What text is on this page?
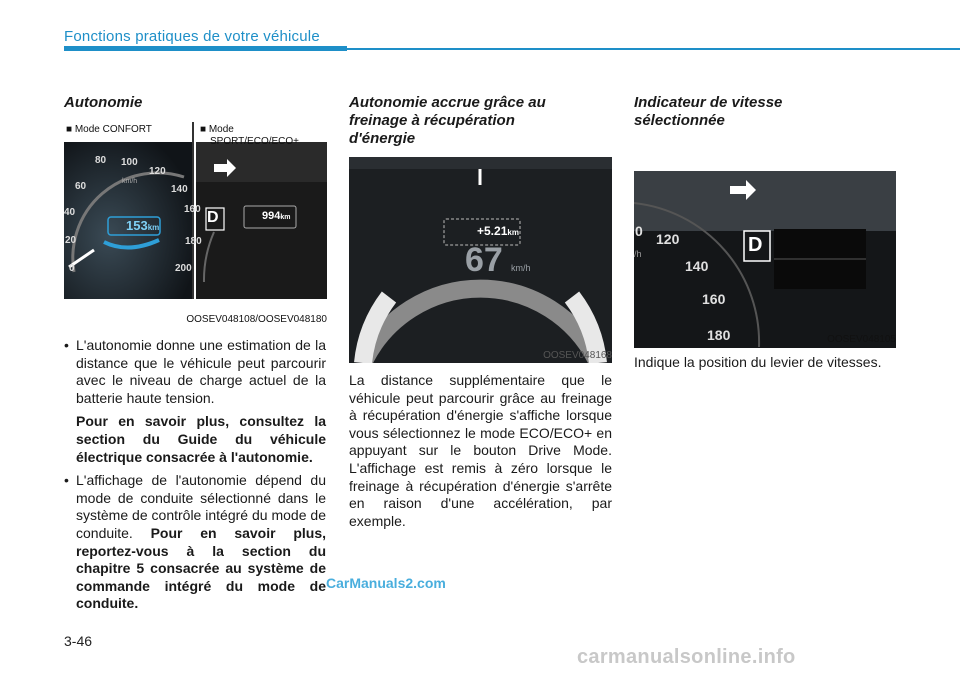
Fonctions pratiques de votre véhicule
Autonomie
■ Mode CONFORT	■ Mode
SPORT/ECO/ECO+
80 100
120
140
160
180
200
60
40
20
0
km/h
153km
D	994km
OOSEV048108/OOSEV048180
• L'autonomie donne une estimation de la distance que le véhicule peut parcourir avec le niveau de charge actuel de la batterie haute tension.
Pour en savoir plus, consultez la section du Guide du véhicule électrique consacrée à l'autonomie.
• L'affichage de l'autonomie dépend du mode de conduite sélectionné dans le système de contrôle intégré du mode de conduite. Pour en savoir plus, reportez-vous à la section du chapitre 5 consacrée au système de commande intégré du mode de conduite.
Autonomie accrue grâce au
freinage à récupération
d'énergie
+5.21km
67 km/h
OOSEV048168
La distance supplémentaire que le véhicule peut parcourir grâce au freinage à récupération d'énergie s'affiche lorsque vous sélectionnez le mode ECO/ECO+ en appuyant sur le bouton Drive Mode. L'affichage est remis à zéro lorsque le freinage à récupération d'énergie s'arrête en raison d'une accélération, par exemple.
Indicateur de vitesse
sélectionnée
D
0 120
140
160
180
/h
OOSEV048105
Indique la position du levier de vitesses.
3-46
CarManuals2.com
carmanualsonline.info
